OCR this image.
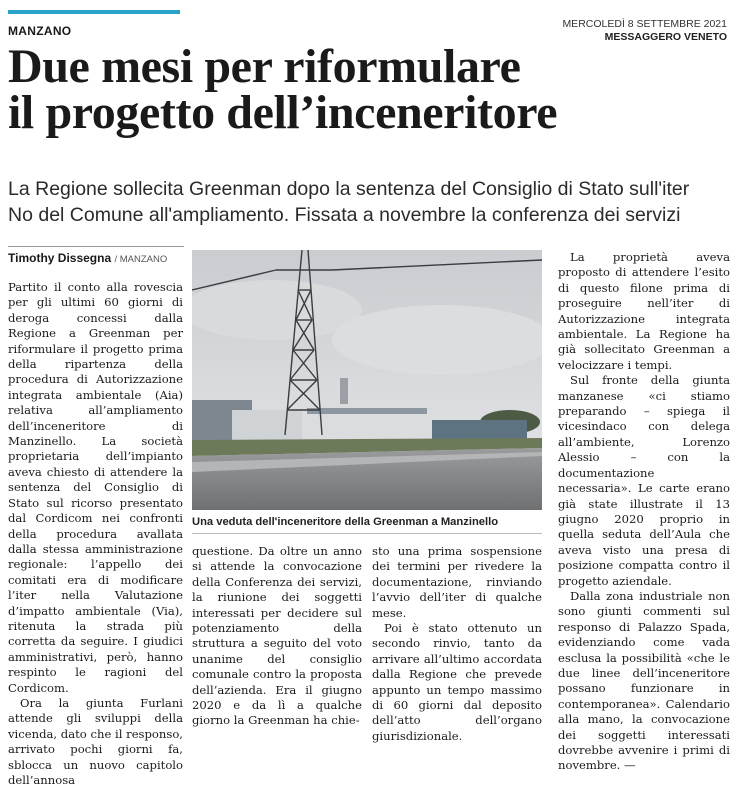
MANZANO	MERCOLEDÌ 8 SETTEMBRE 2021
MESSAGGERO VENETO
Due mesi per riformulare
il progetto dell’inceneritore
La Regione sollecita Greenman dopo la sentenza del Consiglio di Stato sull'iter
No del Comune all'ampliamento. Fissata a novembre la conferenza dei servizi
Timothy Dissegna / MANZANO

Partito il conto alla rovescia per gli ultimi 60 giorni di deroga concessi dalla Regione a Greenman per riformulare il progetto prima della ripartenza della procedura di Autorizzazione integrata ambientale (Aia) relativa all’ampliamento dell’inceneritore di Manzinello. La società proprietaria dell’impianto aveva chiesto di attendere la sentenza del Consiglio di Stato sul ricorso presentato dal Cordicom nei confronti della procedura avallata dalla stessa amministrazione regionale: l’appello dei comitati era di modificare l’iter nella Valutazione d’impatto ambientale (Via), ritenuta la strada più corretta da seguire. I giudici amministrativi, però, hanno respinto le ragioni del Cordicom.

Ora la giunta Furlani attende gli sviluppi della vicenda, dato che il responso, arrivato pochi giorni fa, sblocca un nuovo capitolo dell’annosa

Una veduta dell'inceneritore della Greenman a Manzinello

questione. Da oltre un anno si attende la convocazione della Conferenza dei servizi, la riunione dei soggetti interessati per decidere sul potenziamento della struttura a seguito del voto unanime del consiglio comunale contro la proposta dell’azienda. Era il giugno 2020 e da lì a qualche giorno la Greenman ha chie-

sto una prima sospensione dei termini per rivedere la documentazione, rinviando l’avvio dell’iter di qualche mese.

Poi è stato ottenuto un secondo rinvio, tanto da arrivare all’ultimo accordata dalla Regione che prevede appunto un tempo massimo di 60 giorni dal deposito dell’atto dell’organo giurisdizionale.

La proprietà aveva proposto di attendere l’esito di questo filone prima di proseguire nell’iter di Autorizzazione integrata ambientale. La Regione ha già sollecitato Greenman a velocizzare i tempi.

Sul fronte della giunta manzanese «ci stiamo preparando – spiega il vicesindaco con delega all’ambiente, Lorenzo Alessio – con la documentazione necessaria». Le carte erano già state illustrate il 13 giugno 2020 proprio in quella seduta dell’Aula che aveva visto una presa di posizione compatta contro il progetto aziendale.

Dalla zona industriale non sono giunti commenti sul responso di Palazzo Spada, evidenziando come vada esclusa la possibilità «che le due linee dell’inceneritore possano funzionare in contemporanea». Calendario alla mano, la convocazione dei soggetti interessati dovrebbe avvenire i primi di novembre. —
